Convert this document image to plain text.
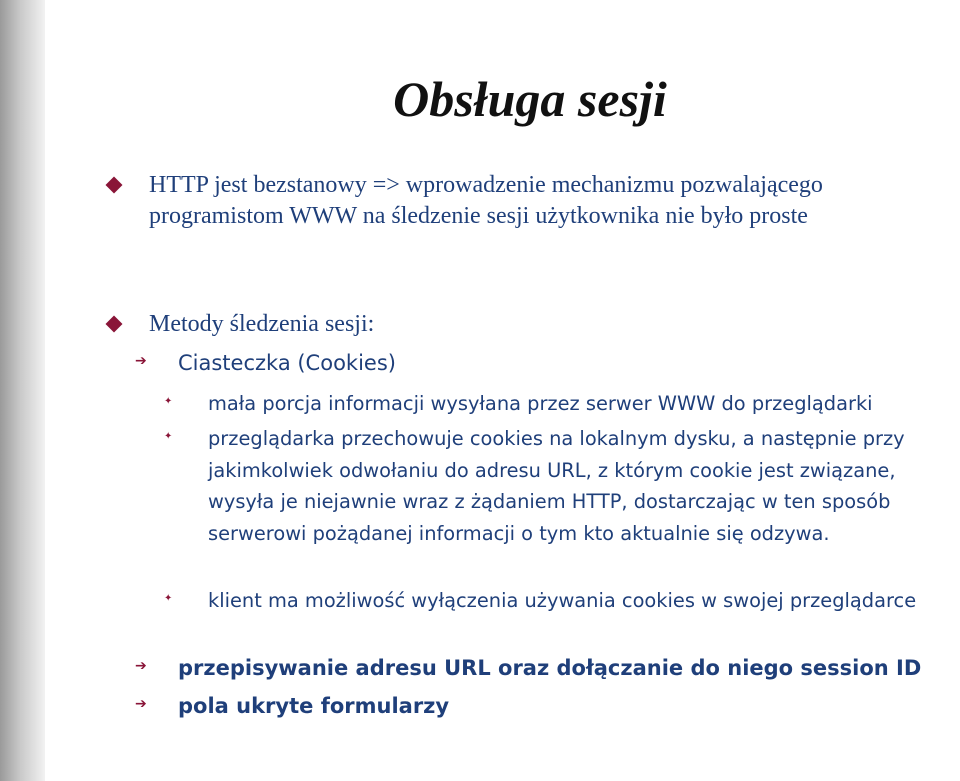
Obsługa sesji
HTTP jest bezstanowy => wprowadzenie mechanizmu pozwalającego programistom WWW na śledzenie sesji użytkownika nie było proste
Metody śledzenia sesji:
➔ Ciasteczka (Cookies)
✦ mała porcja informacji wysyłana przez serwer WWW do przeglądarki
✦ przeglądarka przechowuje cookies na lokalnym dysku, a następnie przy jakimkolwiek odwołaniu do adresu URL, z którym cookie jest związane, wysyła je niejawnie wraz z żądaniem HTTP, dostarczając w ten sposób serwerowi pożądanej informacji o tym kto aktualnie się odzywa.
✦ klient ma możliwość wyłączenia używania cookies w swojej przeglądarce
➔ przepisywanie adresu URL oraz dołączanie do niego session ID
➔ pola ukryte formularzy
